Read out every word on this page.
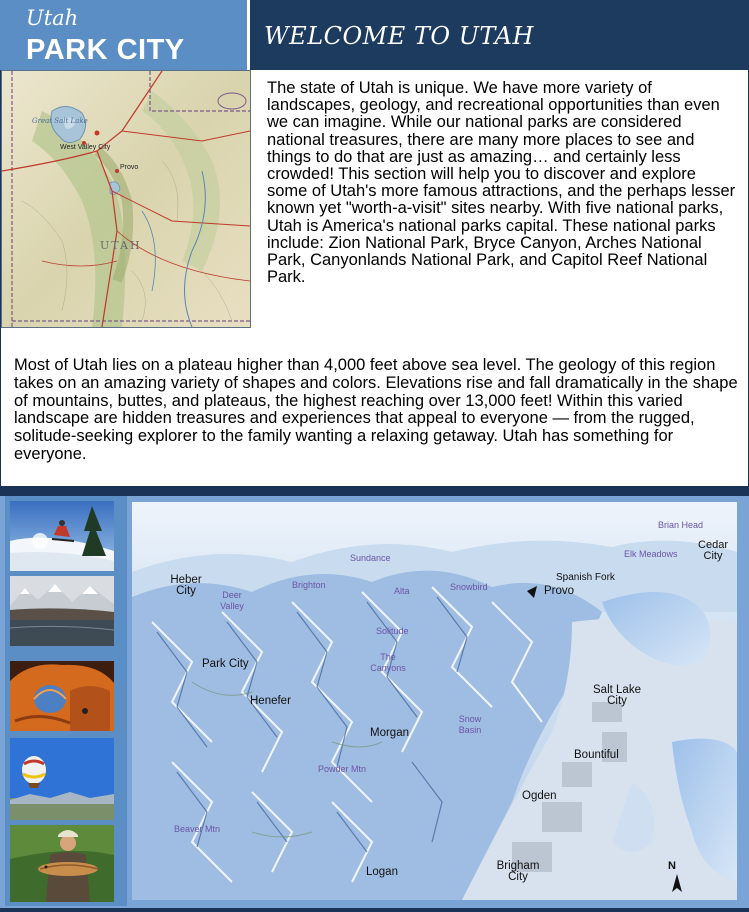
Utah
PARK CITY	WELCOME TO UTAH
Great Salt Lake
West Valley City
Provo
UTAH

The state of Utah is unique. We have more variety of landscapes, geology, and recreational opportunities than even we can imagine. While our national parks are considered national treasures, there are many more places to see and things to do that are just as amazing… and certainly less crowded! This section will help you to discover and explore some of Utah's more famous attractions, and the perhaps lesser known yet "worth-a-visit" sites nearby. With five national parks, Utah is America's national parks capital. These national parks include: Zion National Park, Bryce Canyon, Arches National Park, Canyonlands National Park, and Capitol Reef National Park.

Most of Utah lies on a plateau higher than 4,000 feet above sea level. The geology of this region takes on an amazing variety of shapes and colors. Elevations rise and fall dramatically in the shape of mountains, buttes, and plateaus, the highest reaching over 13,000 feet! Within this varied landscape are hidden treasures and experiences that appeal to everyone — from the rugged, solitude-seeking explorer to the family wanting a relaxing getaway. Utah has something for everyone.

Brian Head
Cedar City
Elk Meadows
Heber City
Sundance
Spanish Fork
Provo
Deer Valley
Brighton
Alta	Snowbird
Solitude
Park City
The Canyons
Salt Lake City
Henefer
Morgan
Snow Basin
Bountiful
Powder Mtn
Ogden
Beaver Mtn
Logan	Brigham City
N
